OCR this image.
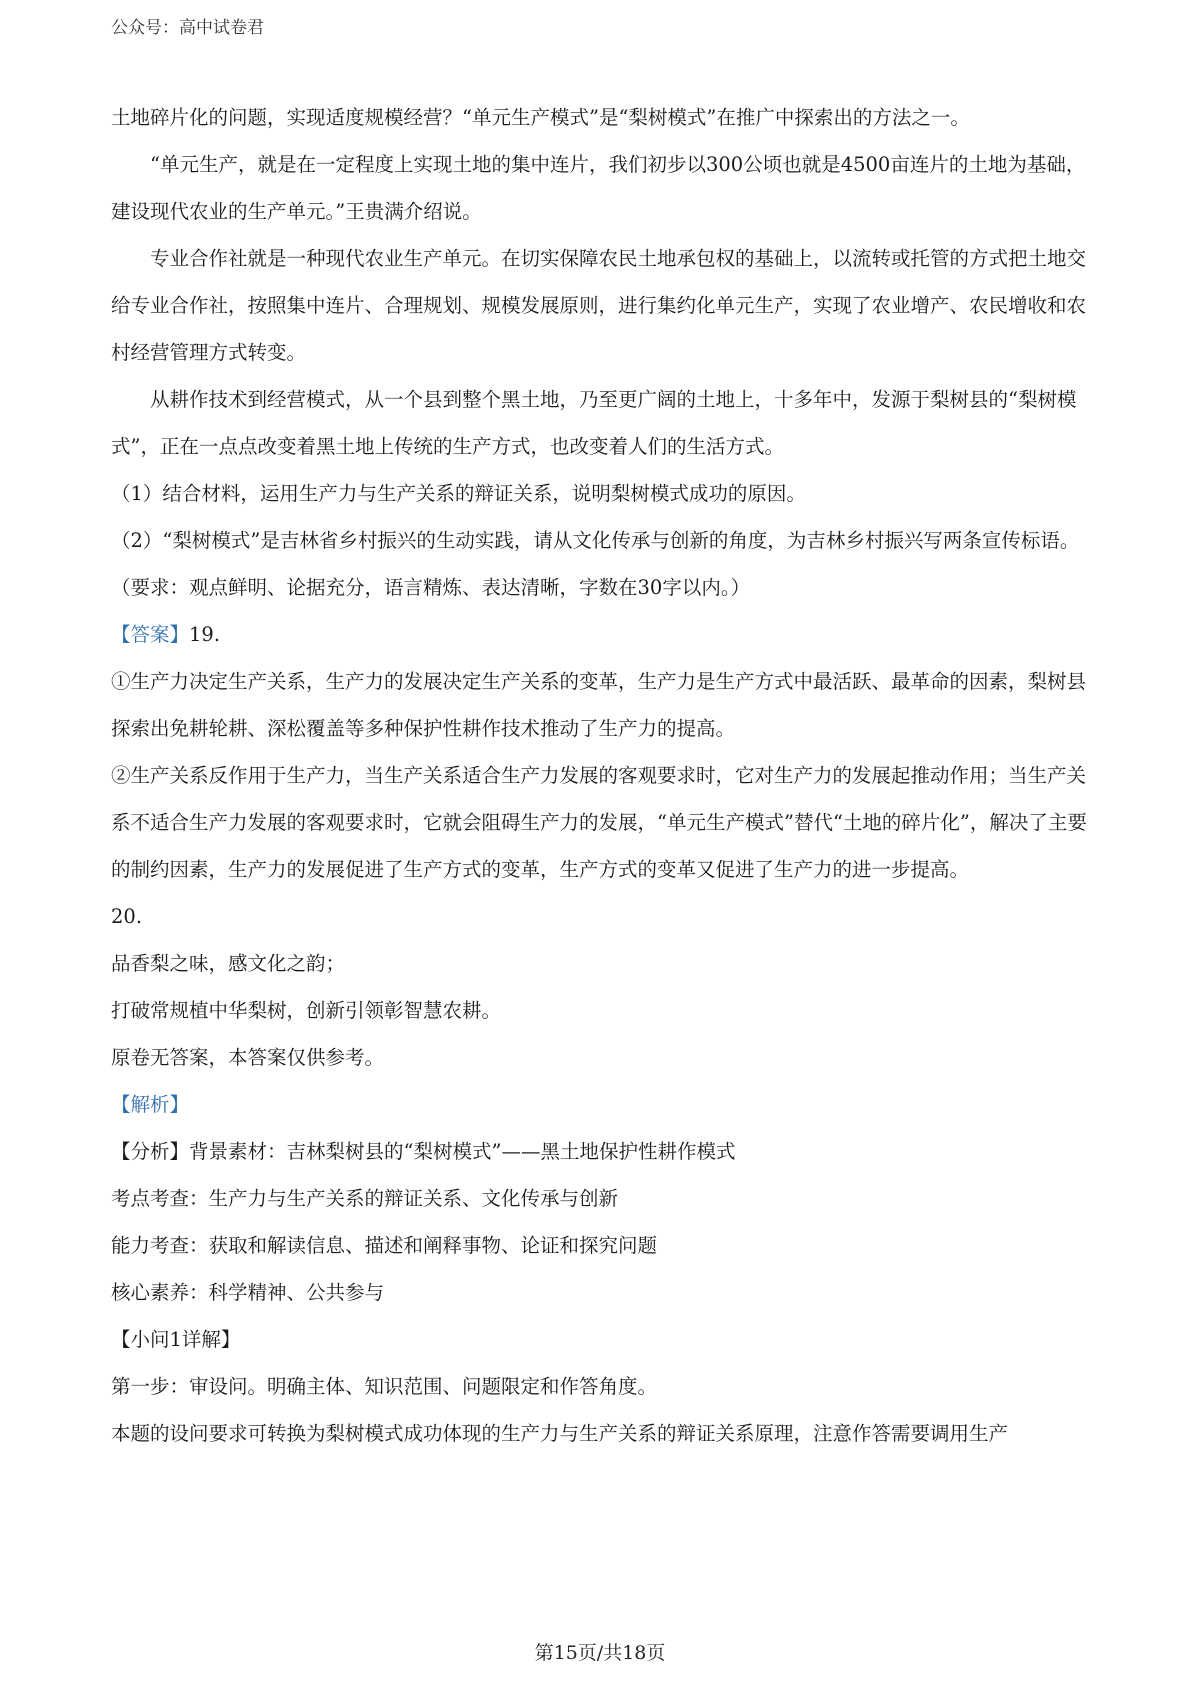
公众号：高中试卷君

土地碎片化的问题，实现适度规模经营？“单元生产模式”是“梨树模式”在推广中探索出的方法之一。

“单元生产，就是在一定程度上实现土地的集中连片，我们初步以300公顷也就是4500亩连片的土地为基础，建设现代农业的生产单元。”王贵满介绍说。

专业合作社就是一种现代农业生产单元。在切实保障农民土地承包权的基础上，以流转或托管的方式把土地交给专业合作社，按照集中连片、合理规划、规模发展原则，进行集约化单元生产，实现了农业增产、农民增收和农村经营管理方式转变。

从耕作技术到经营模式，从一个县到整个黑土地，乃至更广阔的土地上，十多年中，发源于梨树县的“梨树模式”，正在一点点改变着黑土地上传统的生产方式，也改变着人们的生活方式。

（1）结合材料，运用生产力与生产关系的辩证关系，说明梨树模式成功的原因。

（2）“梨树模式”是吉林省乡村振兴的生动实践，请从文化传承与创新的角度，为吉林乡村振兴写两条宣传标语。

（要求：观点鲜明、论据充分，语言精炼、表达清晰，字数在30字以内。）

【答案】19.

①生产力决定生产关系，生产力的发展决定生产关系的变革，生产力是生产方式中最活跃、最革命的因素，梨树县探索出免耕轮耕、深松覆盖等多种保护性耕作技术推动了生产力的提高。

②生产关系反作用于生产力，当生产关系适合生产力发展的客观要求时，它对生产力的发展起推动作用；当生产关系不适合生产力发展的客观要求时，它就会阻碍生产力的发展，“单元生产模式”替代“土地的碎片化”，解决了主要的制约因素，生产力的发展促进了生产方式的变革，生产方式的变革又促进了生产力的进一步提高。

20.

品香梨之味，感文化之韵；

打破常规植中华梨树，创新引领彰智慧农耕。

原卷无答案，本答案仅供参考。

【解析】

【分析】背景素材：吉林梨树县的“梨树模式”——黑土地保护性耕作模式

考点考查：生产力与生产关系的辩证关系、文化传承与创新

能力考查：获取和解读信息、描述和阐释事物、论证和探究问题

核心素养：科学精神、公共参与

【小问1详解】

第一步：审设问。明确主体、知识范围、问题限定和作答角度。

本题的设问要求可转换为梨树模式成功体现的生产力与生产关系的辩证关系原理，注意作答需要调用生产

第15页/共18页
